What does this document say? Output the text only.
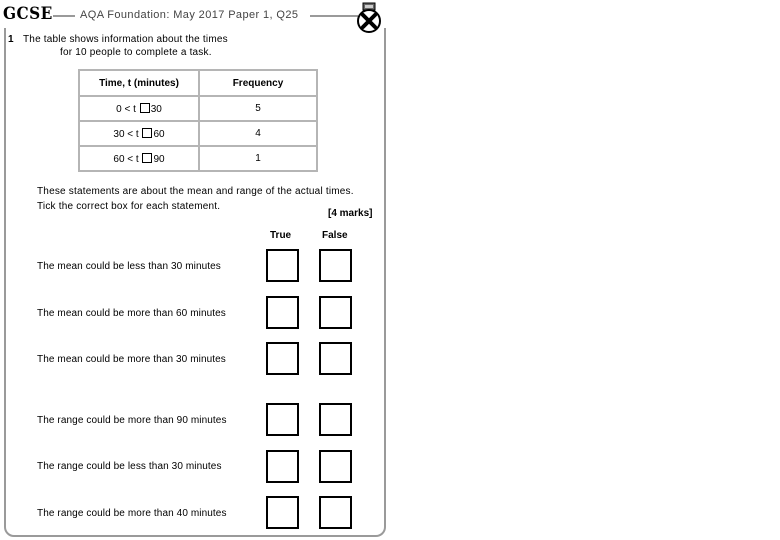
GCSE AQA Foundation: May 2017 Paper 1, Q25
1 The table shows information about the times
for 10 people to complete a task.
Time, t (minutes)	Frequency
0 < t 30	5
30 < t 60	4
60 < t 90	1
These statements are about the mean and range of the actual times.
Tick the correct box for each statement.
[4 marks]
True	False
The mean could be less than 30 minutes
The mean could be more than 60 minutes
The mean could be more than 30 minutes
The range could be more than 90 minutes
The range could be less than 30 minutes
The range could be more than 40 minutes
